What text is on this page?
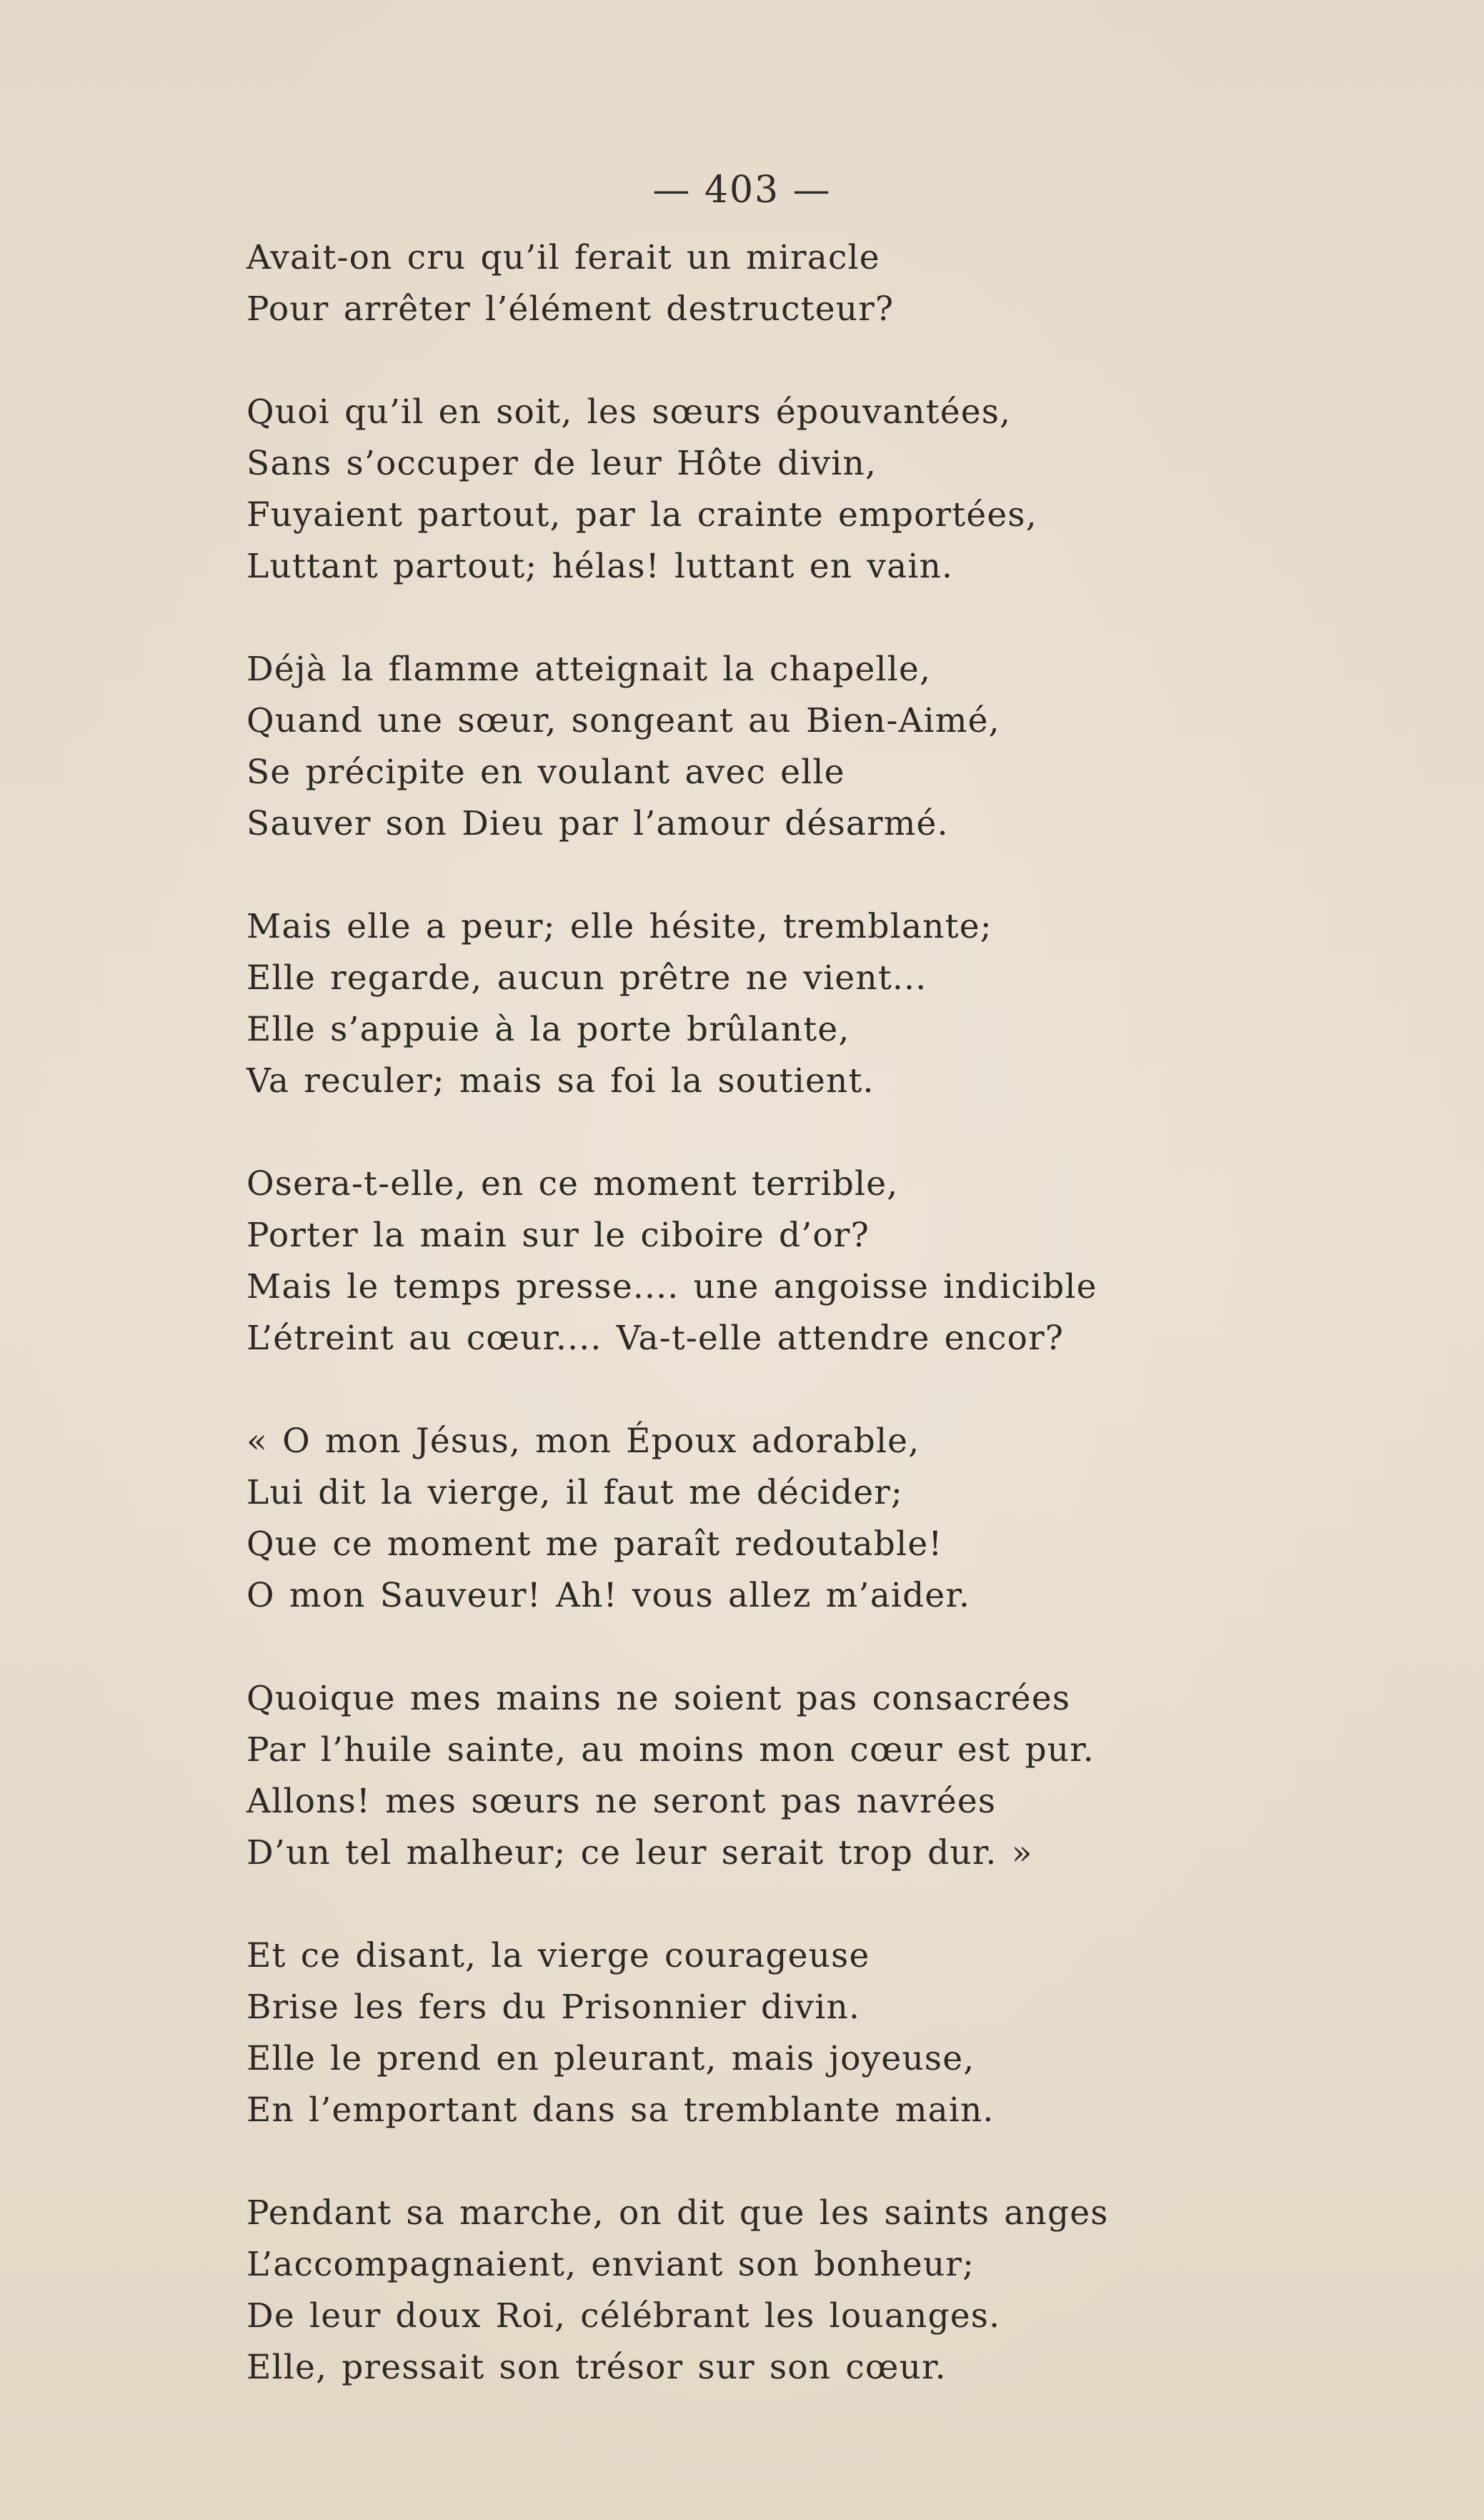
— 403 —
Avait-on cru qu’il ferait un miracle
Pour arrêter l’élément destructeur?
Quoi qu’il en soit, les sœurs épouvantées,
Sans s’occuper de leur Hôte divin,
Fuyaient partout, par la crainte emportées,
Luttant partout; hélas! luttant en vain.
Déjà la flamme atteignait la chapelle,
Quand une sœur, songeant au Bien-Aimé,
Se précipite en voulant avec elle
Sauver son Dieu par l’amour désarmé.
Mais elle a peur; elle hésite, tremblante;
Elle regarde, aucun prêtre ne vient...
Elle s’appuie à la porte brûlante,
Va reculer; mais sa foi la soutient.
Osera-t-elle, en ce moment terrible,
Porter la main sur le ciboire d’or?
Mais le temps presse.... une angoisse indicible
L’étreint au cœur.... Va-t-elle attendre encor?
« O mon Jésus, mon Époux adorable,
Lui dit la vierge, il faut me décider;
Que ce moment me paraît redoutable!
O mon Sauveur! Ah! vous allez m’aider.
Quoique mes mains ne soient pas consacrées
Par l’huile sainte, au moins mon cœur est pur.
Allons! mes sœurs ne seront pas navrées
D’un tel malheur; ce leur serait trop dur. »
Et ce disant, la vierge courageuse
Brise les fers du Prisonnier divin.
Elle le prend en pleurant, mais joyeuse,
En l’emportant dans sa tremblante main.
Pendant sa marche, on dit que les saints anges
L’accompagnaient, enviant son bonheur;
De leur doux Roi, célébrant les louanges.
Elle, pressait son trésor sur son cœur.
